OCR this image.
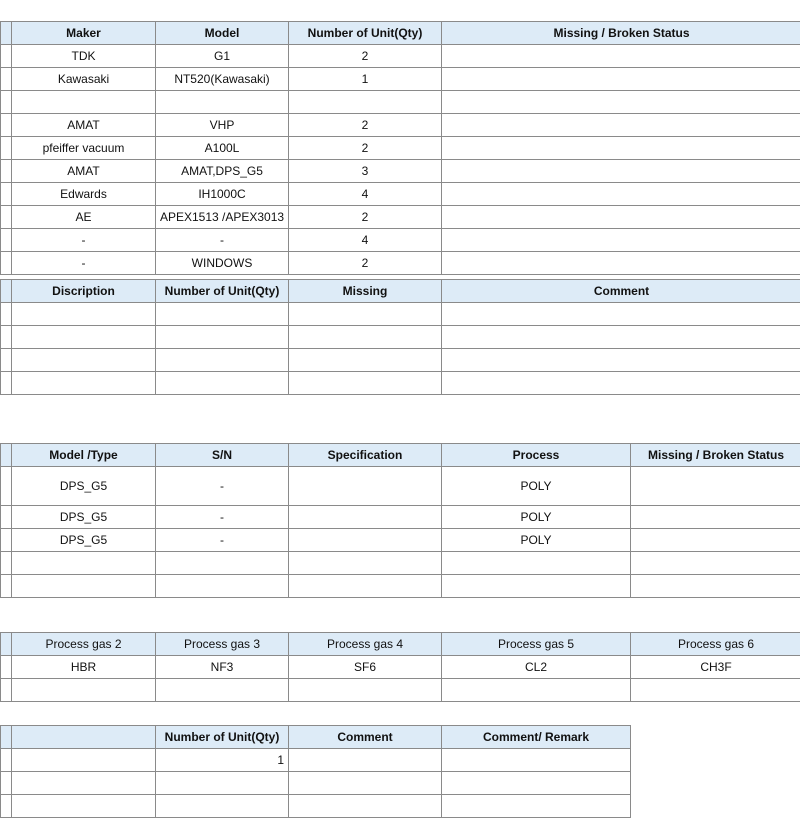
	Maker	Model	Number of Unit(Qty)	Missing / Broken Status
	TDK	G1	2	
	Kawasaki	NT520(Kawasaki)	1	

	AMAT	VHP	2	
	pfeiffer vacuum	A100L	2	
	AMAT	AMAT,DPS_G5	3	
	Edwards	IH1000C	4	
	AE	APEX1513 /APEX3013	2	
	-	-	4	
	-	WINDOWS	2	
	Discription	Number of Unit(Qty)	Missing	Comment

	Model /Type	S/N	Specification	Process	Missing / Broken Status
	DPS_G5	-		POLY	
	DPS_G5	-		POLY	
	DPS_G5	-		POLY	

	Process gas 2	Process gas 3	Process gas 4	Process gas 5	Process gas 6
	HBR	NF3	SF6	CL2	CH3F

		Number of Unit(Qty)	Comment	Comment/ Remark
		1		
